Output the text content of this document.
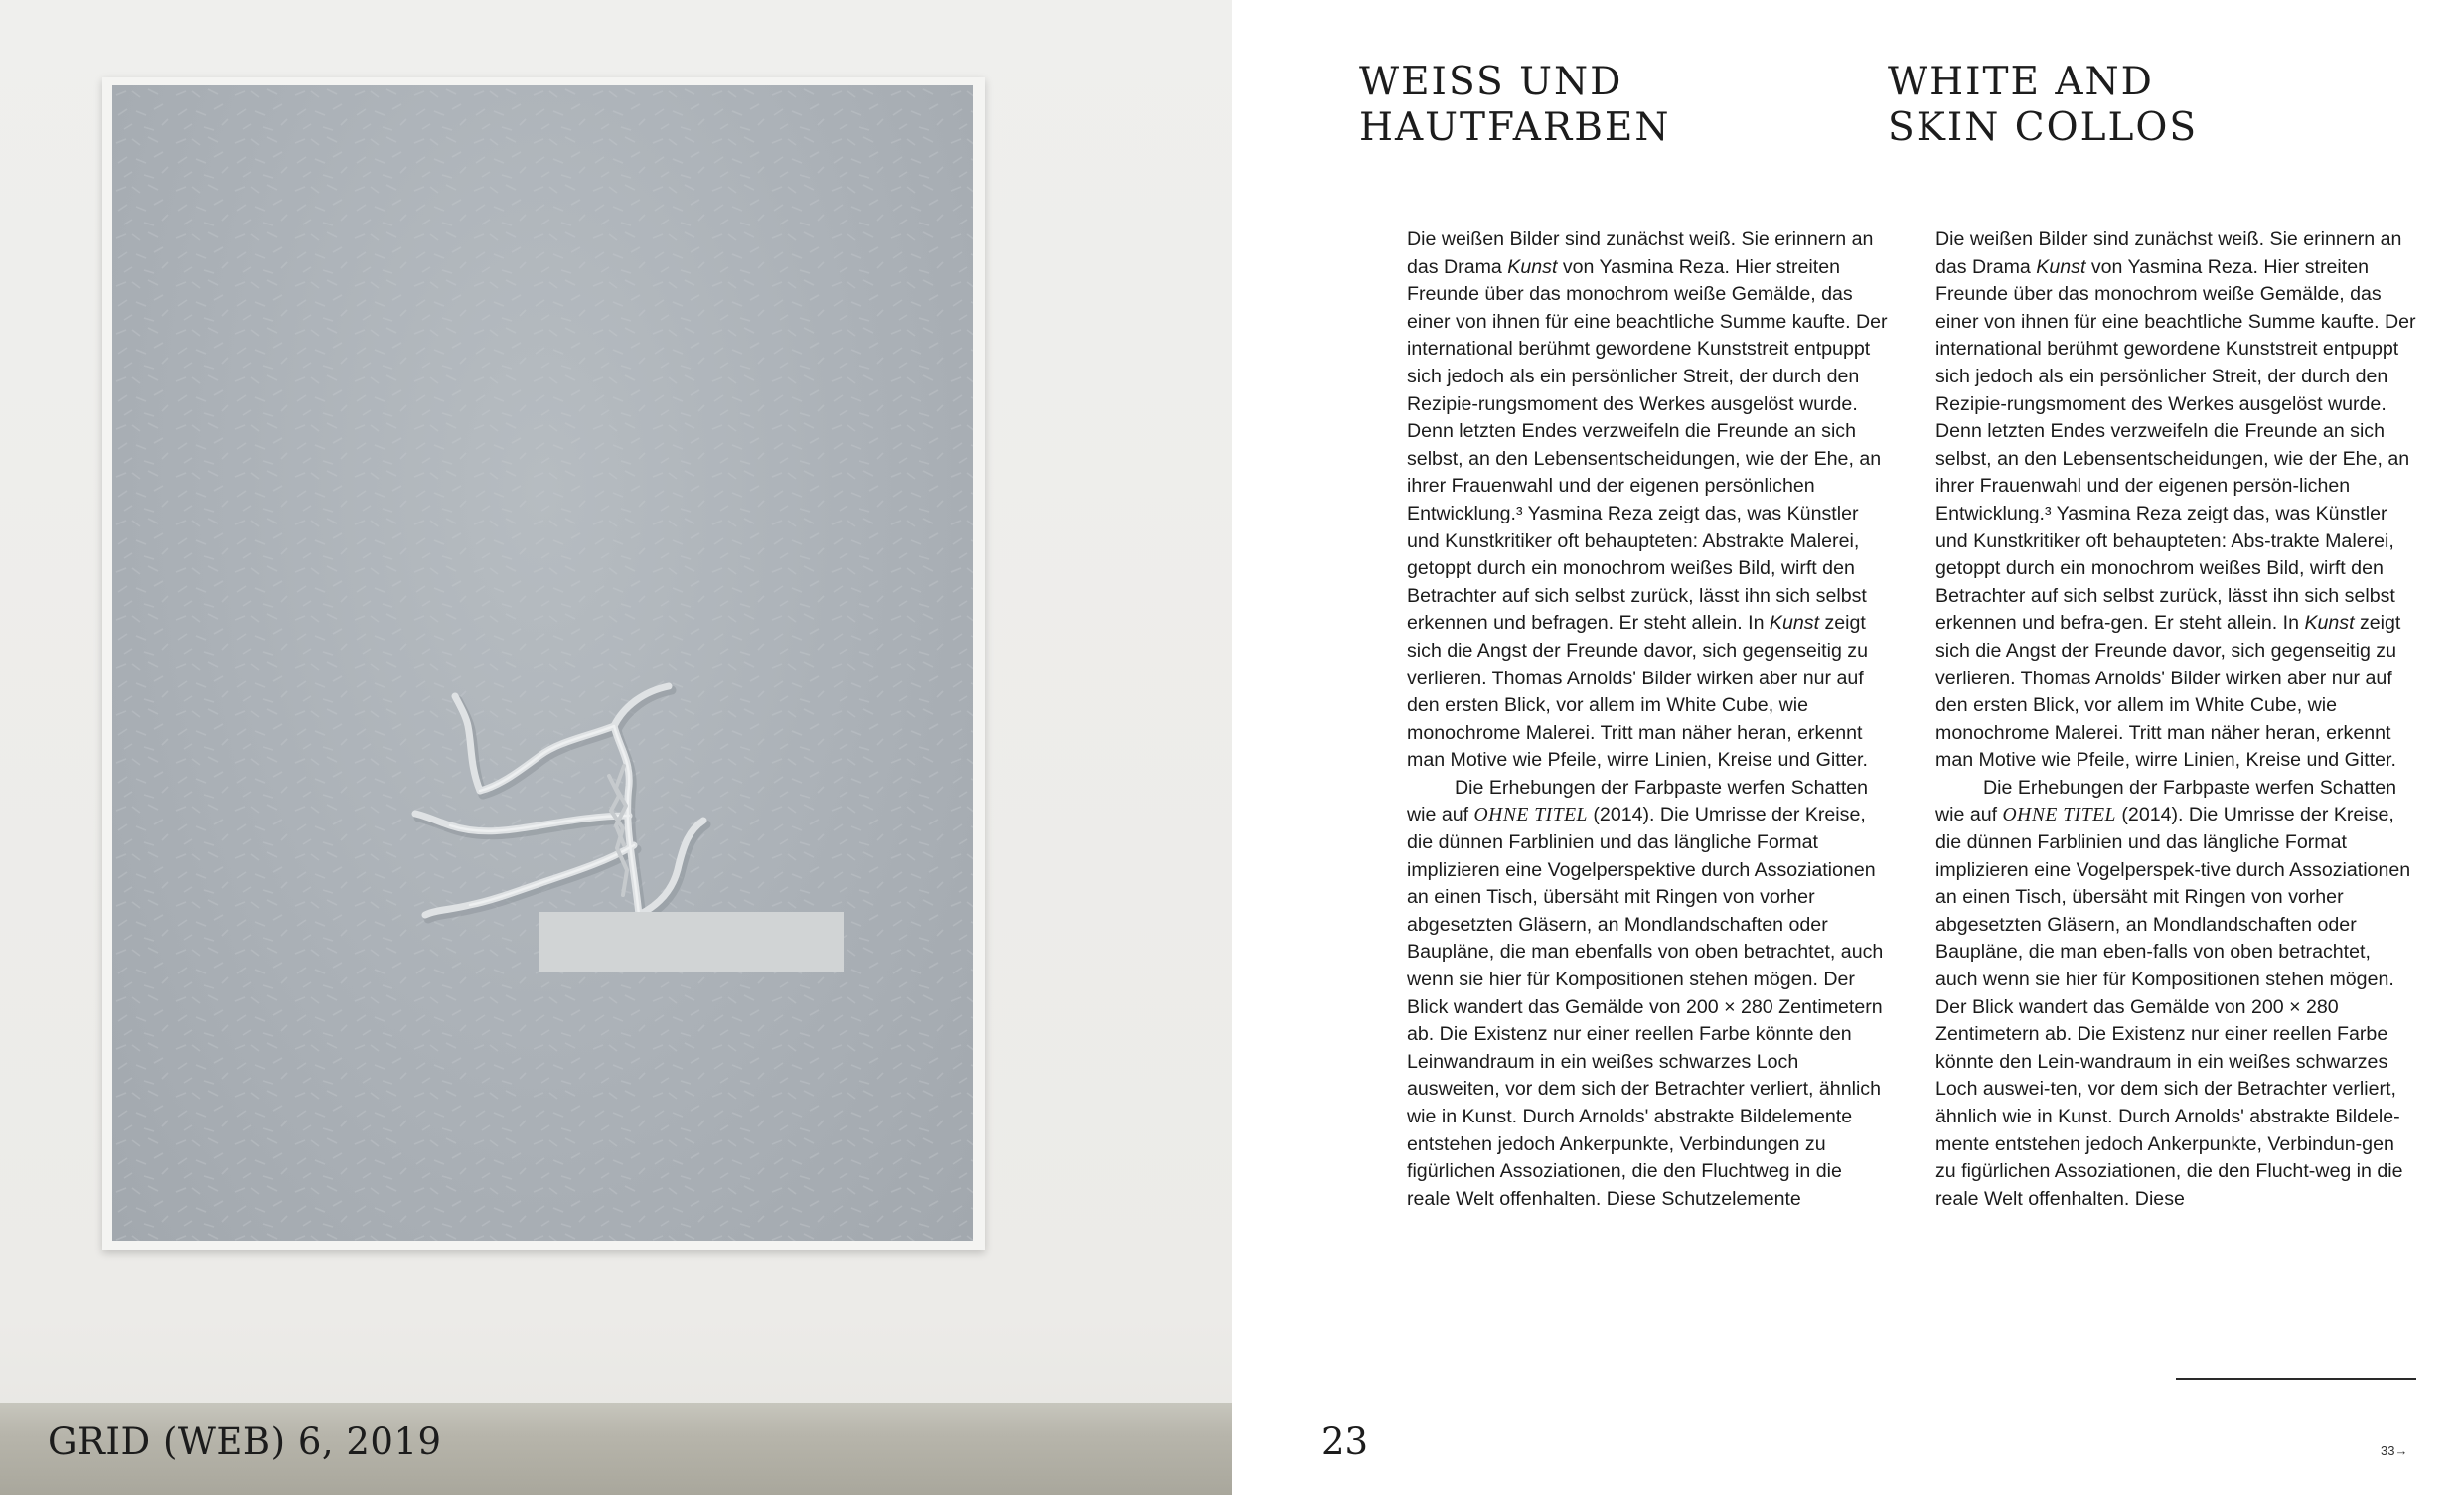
GRID (WEB) 6, 2019
WEISS UND
HAUTFARBEN
WHITE AND
SKIN COLLOS

Die weißen Bilder sind zunächst weiß. Sie erinnern an das Drama Kunst von Yasmina Reza. Hier streiten Freunde über das monochrom weiße Gemälde, das einer von ihnen für eine beachtliche Summe kaufte. Der international berühmt gewordene Kunststreit entpuppt sich jedoch als ein persönlicher Streit, der durch den Rezipie-rungsmoment des Werkes ausgelöst wurde. Denn letzten Endes verzweifeln die Freunde an sich selbst, an den Lebensentscheidungen, wie der Ehe, an ihrer Frauenwahl und der eigenen persönlichen Entwicklung.³ Yasmina Reza zeigt das, was Künstler und Kunstkritiker oft behaupteten: Abstrakte Malerei, getoppt durch ein monochrom weißes Bild, wirft den Betrachter auf sich selbst zurück, lässt ihn sich selbst erkennen und befragen. Er steht allein. In Kunst zeigt sich die Angst der Freunde davor, sich gegenseitig zu verlieren. Thomas Arnolds' Bilder wirken aber nur auf den ersten Blick, vor allem im White Cube, wie monochrome Malerei. Tritt man näher heran, erkennt man Motive wie Pfeile, wirre Linien, Kreise und Gitter.

Die Erhebungen der Farbpaste werfen Schatten wie auf OHNE TITEL (2014). Die Umrisse der Kreise, die dünnen Farblinien und das längliche Format implizieren eine Vogelperspektive durch Assoziationen an einen Tisch, übersäht mit Ringen von vorher abgesetzten Gläsern, an Mondlandschaften oder Baupläne, die man ebenfalls von oben betrachtet, auch wenn sie hier für Kompositionen stehen mögen. Der Blick wandert das Gemälde von 200 × 280 Zentimetern ab. Die Existenz nur einer reellen Farbe könnte den Leinwandraum in ein weißes schwarzes Loch ausweiten, vor dem sich der Betrachter verliert, ähnlich wie in Kunst. Durch Arnolds' abstrakte Bildelemente entstehen jedoch Ankerpunkte, Verbindungen zu figürlichen Assoziationen, die den Fluchtweg in die reale Welt offenhalten. Diese Schutzelemente

Die weißen Bilder sind zunächst weiß. Sie erinnern an das Drama Kunst von Yasmina Reza. Hier streiten Freunde über das monochrom weiße Gemälde, das einer von ihnen für eine beachtliche Summe kaufte. Der international berühmt gewordene Kunststreit entpuppt sich jedoch als ein persönlicher Streit, der durch den Rezipie-rungsmoment des Werkes ausgelöst wurde. Denn letzten Endes verzweifeln die Freunde an sich selbst, an den Lebensentscheidungen, wie der Ehe, an ihrer Frauenwahl und der eigenen persön-lichen Entwicklung.³ Yasmina Reza zeigt das, was Künstler und Kunstkritiker oft behaupteten: Abs-trakte Malerei, getoppt durch ein monochrom weißes Bild, wirft den Betrachter auf sich selbst zurück, lässt ihn sich selbst erkennen und befra-gen. Er steht allein. In Kunst zeigt sich die Angst der Freunde davor, sich gegenseitig zu verlieren. Thomas Arnolds' Bilder wirken aber nur auf den ersten Blick, vor allem im White Cube, wie monochrome Malerei. Tritt man näher heran, erkennt man Motive wie Pfeile, wirre Linien, Kreise und Gitter.

Die Erhebungen der Farbpaste werfen Schatten wie auf OHNE TITEL (2014). Die Umrisse der Kreise, die dünnen Farblinien und das längliche Format implizieren eine Vogelperspek-tive durch Assoziationen an einen Tisch, übersäht mit Ringen von vorher abgesetzten Gläsern, an Mondlandschaften oder Baupläne, die man eben-falls von oben betrachtet, auch wenn sie hier für Kompositionen stehen mögen. Der Blick wandert das Gemälde von 200 × 280 Zentimetern ab. Die Existenz nur einer reellen Farbe könnte den Lein-wandraum in ein weißes schwarzes Loch auswei-ten, vor dem sich der Betrachter verliert, ähnlich wie in Kunst. Durch Arnolds' abstrakte Bildele-mente entstehen jedoch Ankerpunkte, Verbindun-gen zu figürlichen Assoziationen, die den Flucht-weg in die reale Welt offenhalten. Diese

23	33→
